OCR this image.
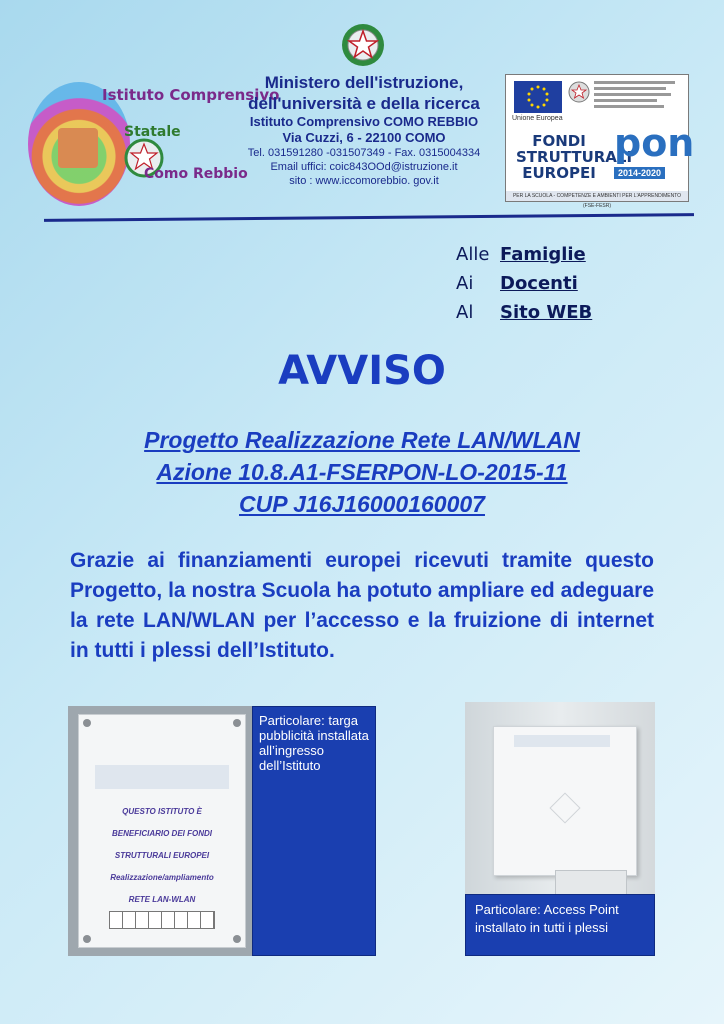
Istituto Comprensivo
Statale
Como Rebbio
Ministero dell'istruzione,
dell'università e della ricerca
Istituto Comprensivo COMO REBBIO
Via Cuzzi, 6 - 22100 COMO
Tel. 031591280 -031507349 - Fax. 0315004334
Email uffici: coic843OOd@istruzione.it
sito : www.iccomorebbio. gov.it
Unione Europea
FONDI
STRUTTURALI
EUROPEI
pon
2014-2020
PER LA SCUOLA - COMPETENZE E AMBIENTI PER L'APPRENDIMENTO (FSE-FESR)
Alle Famiglie
Ai	Docenti
Al	Sito WEB
AVVISO
Progetto Realizzazione Rete LAN/WLAN
Azione 10.8.A1-FSERPON-LO-2015-11
CUP J16J16000160007
Grazie ai finanziamenti europei ricevuti tramite questo Progetto, la nostra Scuola ha potuto ampliare ed adeguare la rete LAN/WLAN per l’accesso e la fruizione di internet in tutti i plessi dell’Istituto.
QUESTO ISTITUTO È
BENEFICIARIO DEI FONDI
STRUTTURALI EUROPEI
Realizzazione/ampliamento
RETE LAN-WLAN
Particolare: targa pubblicità installata all’ingresso dell’Istituto
Particolare: Access Point installato in tutti i plessi
